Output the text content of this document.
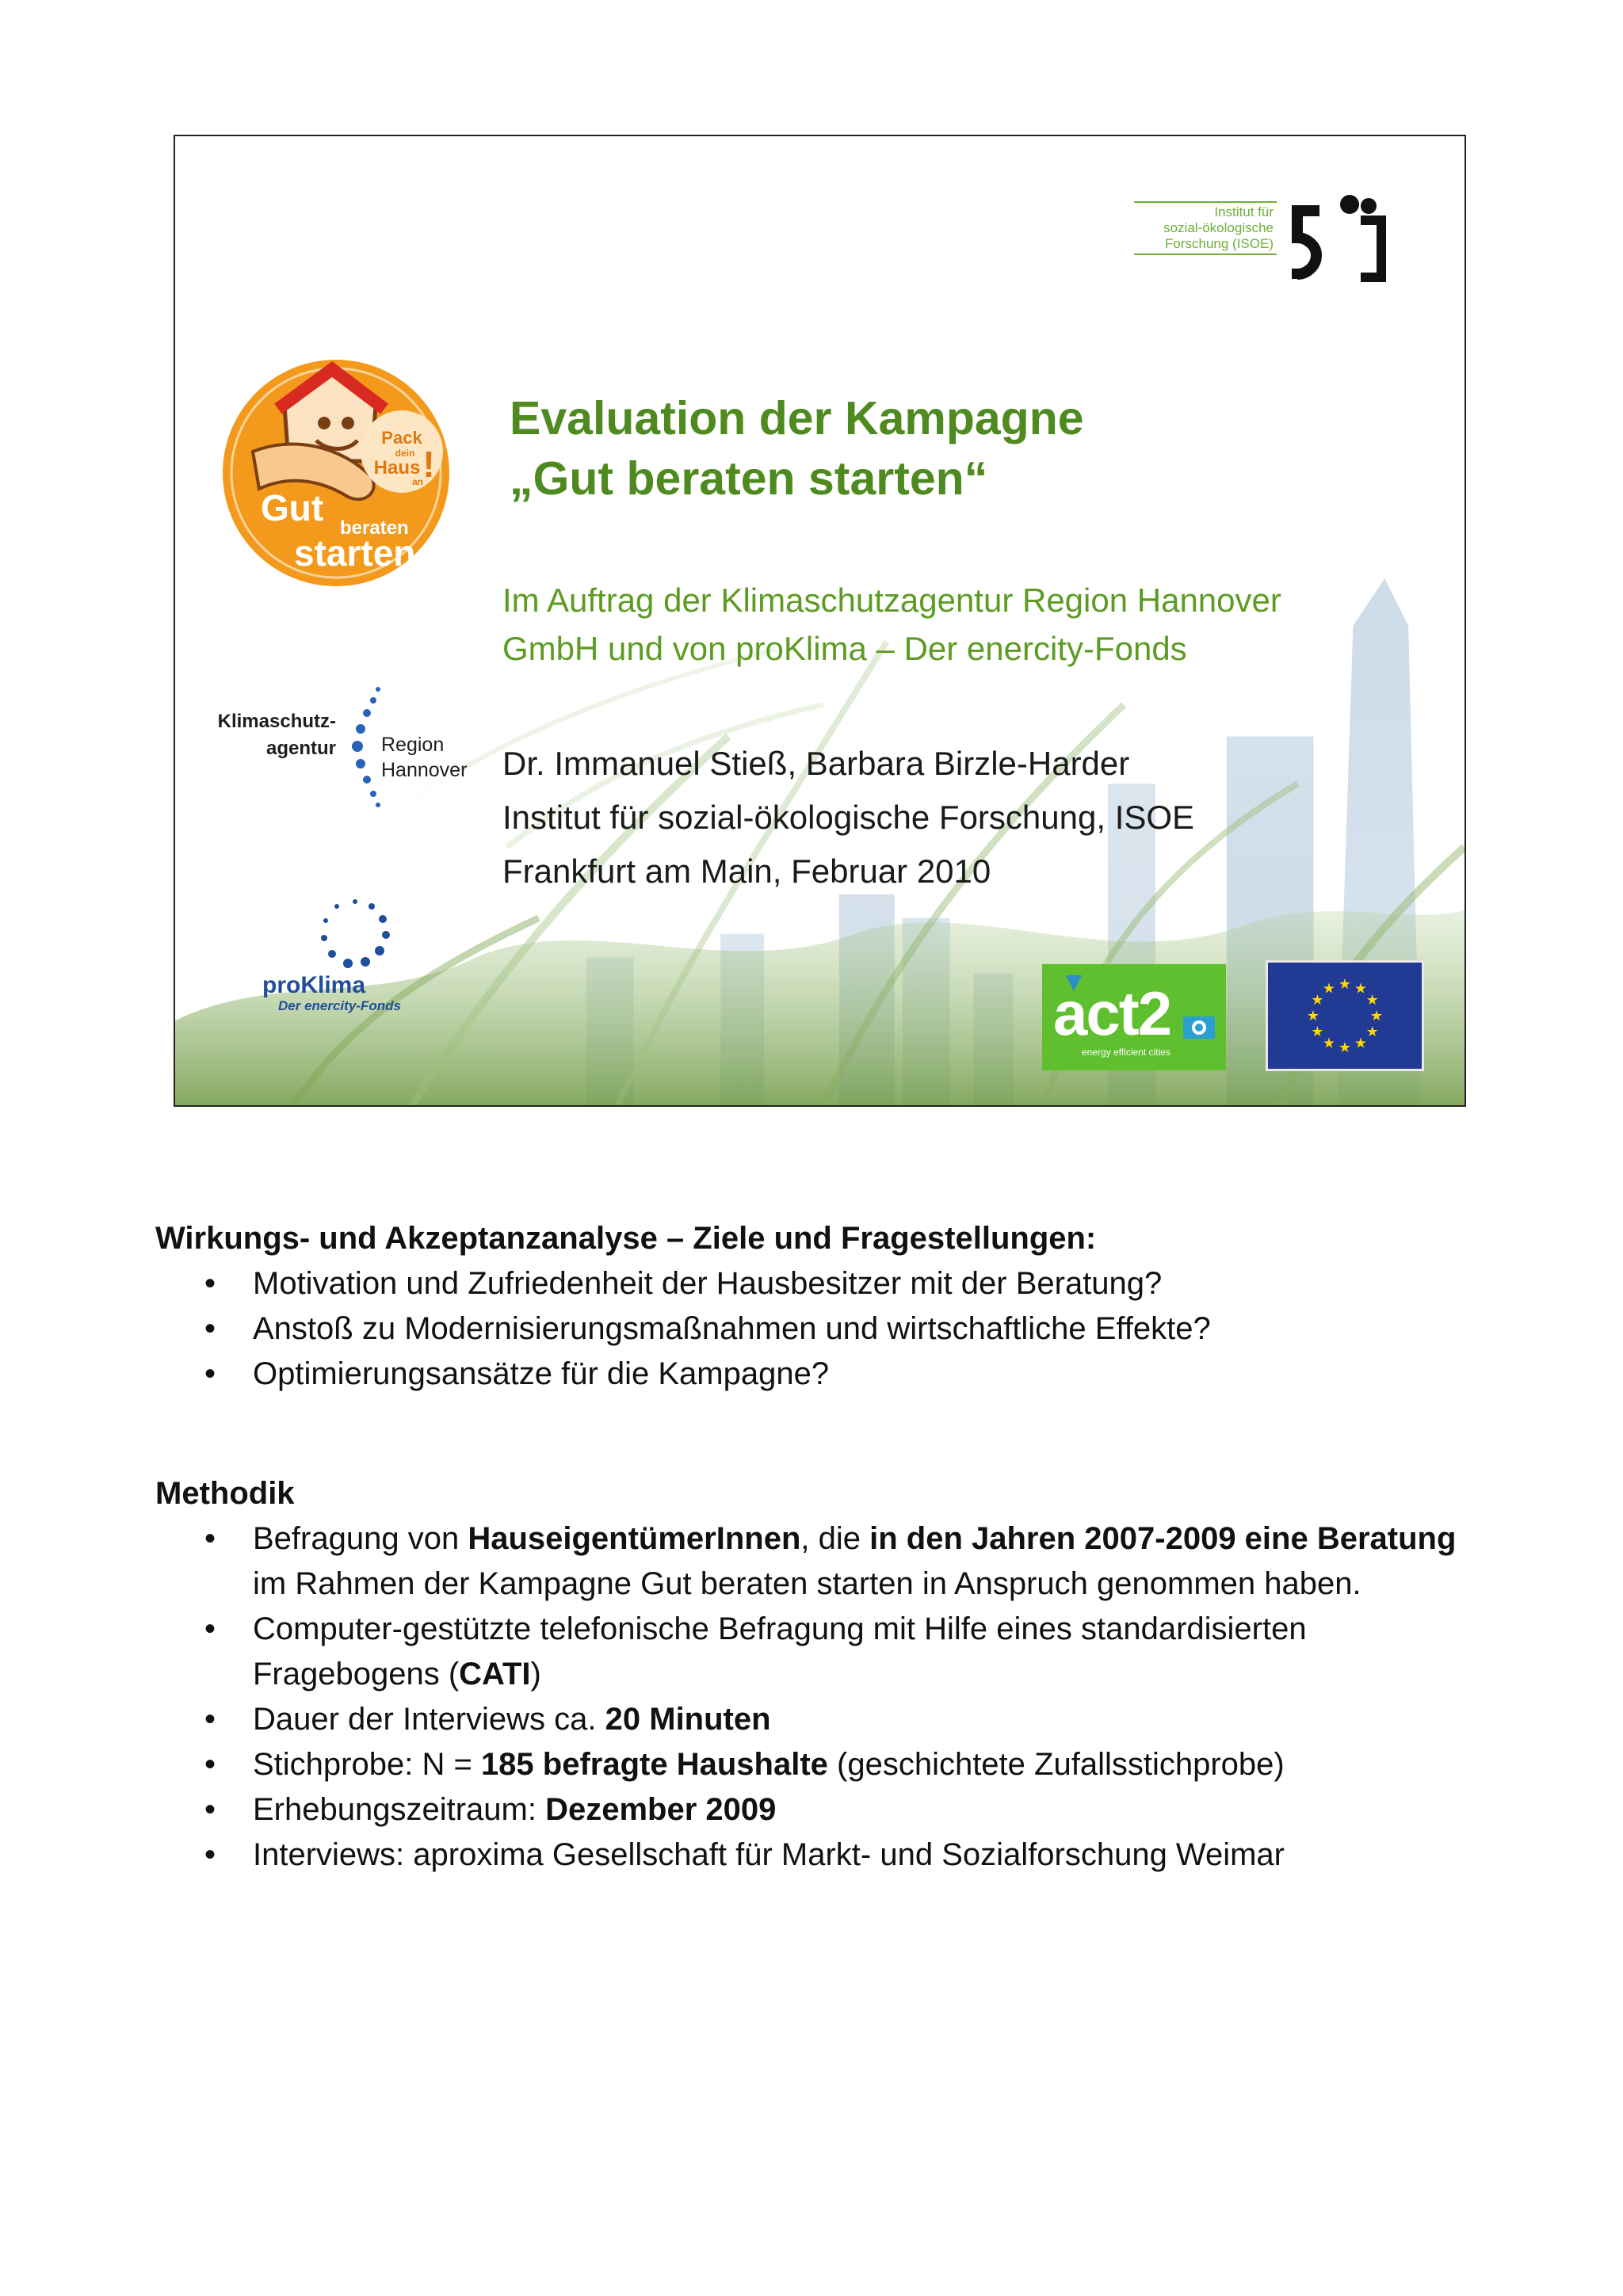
Institut für
sozial-ökologische
Forschung (ISOE)
Pack
dein
Haus
an !
Gut beraten
starten
Evaluation der Kampagne
„Gut beraten starten“
Im Auftrag der Klimaschutzagentur Region Hannover
GmbH und von proKlima – Der enercity-Fonds
Dr. Immanuel Stieß, Barbara Birzle-Harder
Institut für sozial-ökologische Forschung, ISOE
Frankfurt am Main, Februar 2010
Klimaschutz-
agentur Region
Hannover
proKlima
Der enercity-Fonds	act2
energy efficient cities
★ ★
★
★
★
★
★
★
★
★
★
★
Wirkungs- und Akzeptanzanalyse – Ziele und Fragestellungen:
• Motivation und Zufriedenheit der Hausbesitzer mit der Beratung?
• Anstoß zu Modernisierungsmaßnahmen und wirtschaftliche Effekte?
• Optimierungsansätze für die Kampagne?
Methodik
• Befragung von HauseigentümerInnen, die in den Jahren 2007-2009 eine Beratung im Rahmen der Kampagne Gut beraten starten in Anspruch genommen haben.
• Computer-gestützte telefonische Befragung mit Hilfe eines standardisierten Fragebogens (CATI)
• Dauer der Interviews ca. 20 Minuten
• Stichprobe: N = 185 befragte Haushalte (geschichtete Zufallsstichprobe)
• Erhebungszeitraum: Dezember 2009
• Interviews: aproxima Gesellschaft für Markt- und Sozialforschung Weimar
